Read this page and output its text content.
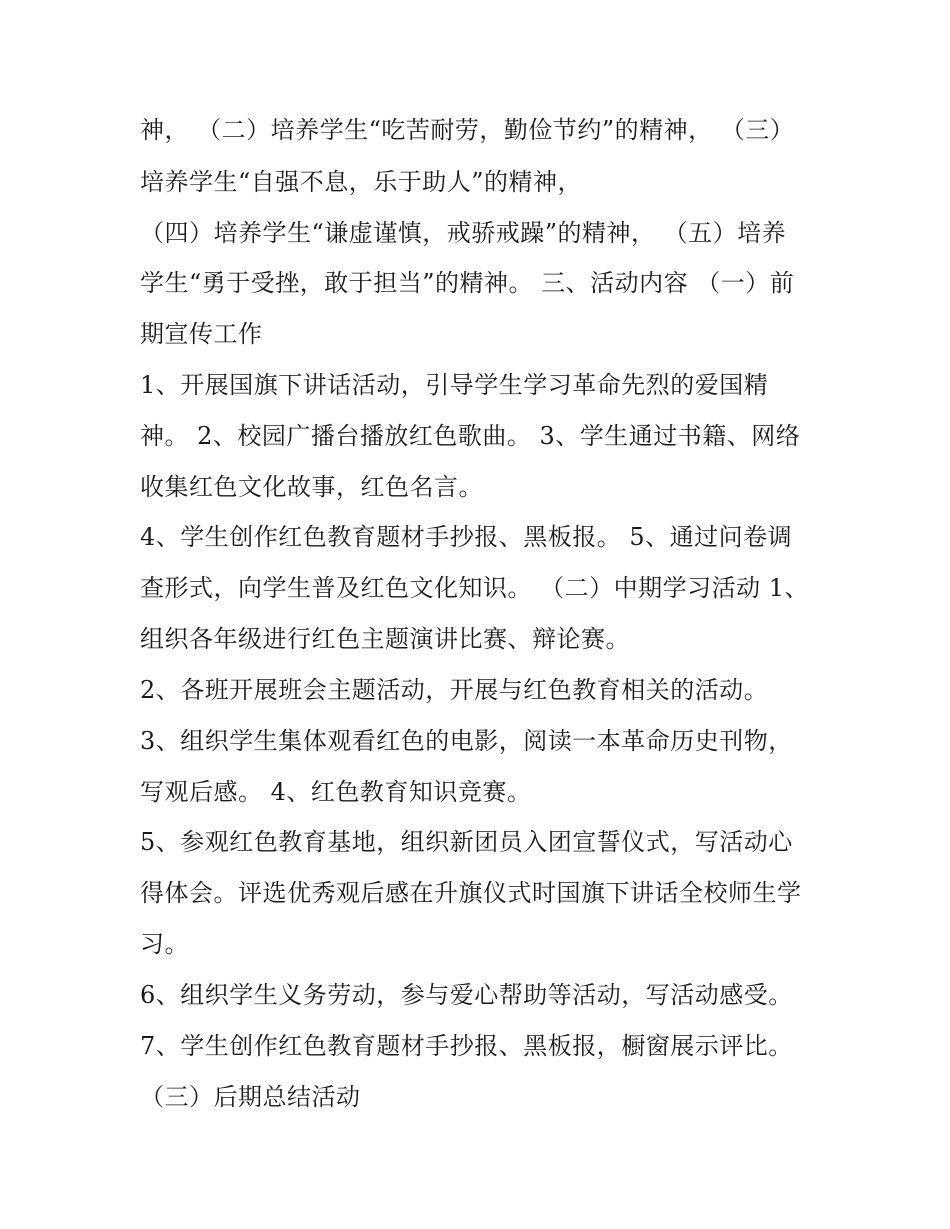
神， （二）培养学生“吃苦耐劳，勤俭节约”的精神， （三）
培养学生“自强不息，乐于助人”的精神，
（四）培养学生“谦虚谨慎，戒骄戒躁”的精神， （五）培养
学生“勇于受挫，敢于担当”的精神。 三、活动内容 （一）前
期宣传工作
1、开展国旗下讲话活动，引导学生学习革命先烈的爱国精
神。 2、校园广播台播放红色歌曲。 3、学生通过书籍、网络
收集红色文化故事，红色名言。
4、学生创作红色教育题材手抄报、黑板报。 5、通过问卷调
查形式，向学生普及红色文化知识。 （二）中期学习活动 1、
组织各年级进行红色主题演讲比赛、辩论赛。
2、各班开展班会主题活动，开展与红色教育相关的活动。
3、组织学生集体观看红色的电影，阅读一本革命历史刊物，
写观后感。 4、红色教育知识竞赛。
5、参观红色教育基地，组织新团员入团宣誓仪式，写活动心
得体会。评选优秀观后感在升旗仪式时国旗下讲话全校师生学
习。
6、组织学生义务劳动，参与爱心帮助等活动，写活动感受。
7、学生创作红色教育题材手抄报、黑板报，橱窗展示评比。
（三）后期总结活动
